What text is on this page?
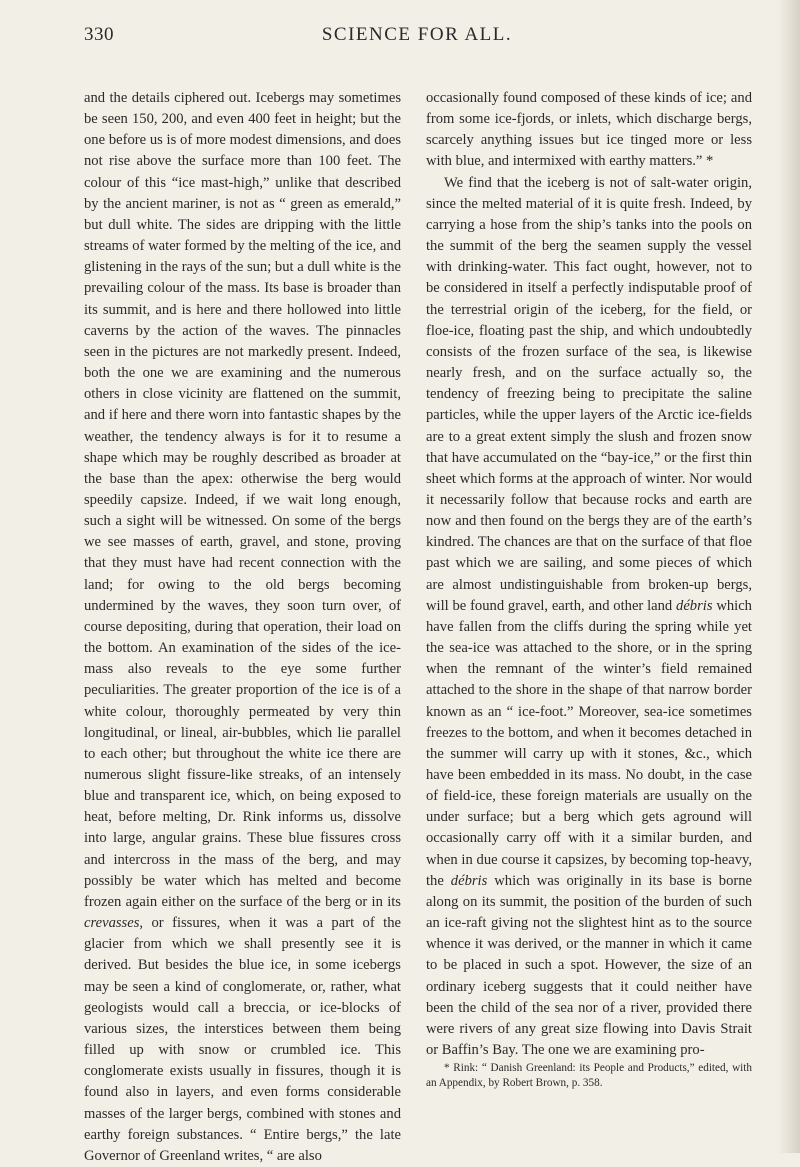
330	SCIENCE FOR ALL.

and the details ciphered out. Icebergs may sometimes be seen 150, 200, and even 400 feet in height; but the one before us is of more modest dimensions, and does not rise above the surface more than 100 feet. The colour of this “ice mast-high,” unlike that described by the ancient mariner, is not as “ green as emerald,” but dull white. The sides are dripping with the little streams of water formed by the melting of the ice, and glistening in the rays of the sun; but a dull white is the prevailing colour of the mass. Its base is broader than its summit, and is here and there hollowed into little caverns by the action of the waves. The pinnacles seen in the pictures are not markedly present. Indeed, both the one we are examining and the numerous others in close vicinity are flattened on the summit, and if here and there worn into fantastic shapes by the weather, the tendency always is for it to resume a shape which may be roughly described as broader at the base than the apex: otherwise the berg would speedily capsize. Indeed, if we wait long enough, such a sight will be witnessed. On some of the bergs we see masses of earth, gravel, and stone, proving that they must have had recent connection with the land; for owing to the old bergs becoming undermined by the waves, they soon turn over, of course depositing, during that operation, their load on the bottom. An examination of the sides of the ice-mass also reveals to the eye some further peculiarities. The greater proportion of the ice is of a white colour, thoroughly permeated by very thin longitudinal, or lineal, air-bubbles, which lie parallel to each other; but throughout the white ice there are numerous slight fissure-like streaks, of an intensely blue and transparent ice, which, on being exposed to heat, before melting, Dr. Rink informs us, dissolve into large, angular grains. These blue fissures cross and intercross in the mass of the berg, and may possibly be water which has melted and become frozen again either on the surface of the berg or in its crevasses, or fissures, when it was a part of the glacier from which we shall presently see it is derived. But besides the blue ice, in some icebergs may be seen a kind of conglomerate, or, rather, what geologists would call a breccia, or ice-blocks of various sizes, the interstices between them being filled up with snow or crumbled ice. This conglomerate exists usually in fissures, though it is found also in layers, and even forms considerable masses of the larger bergs, combined with stones and earthy foreign substances. “ Entire bergs,” the late Governor of Greenland writes, “ are also

occasionally found composed of these kinds of ice; and from some ice-fjords, or inlets, which discharge bergs, scarcely anything issues but ice tinged more or less with blue, and intermixed with earthy matters.” *

We find that the iceberg is not of salt-water origin, since the melted material of it is quite fresh. Indeed, by carrying a hose from the ship’s tanks into the pools on the summit of the berg the seamen supply the vessel with drinking-water. This fact ought, however, not to be considered in itself a perfectly indisputable proof of the terrestrial origin of the iceberg, for the field, or floe-ice, floating past the ship, and which undoubtedly consists of the frozen surface of the sea, is likewise nearly fresh, and on the surface actually so, the tendency of freezing being to precipitate the saline particles, while the upper layers of the Arctic ice-fields are to a great extent simply the slush and frozen snow that have accumulated on the “bay-ice,” or the first thin sheet which forms at the approach of winter. Nor would it necessarily follow that because rocks and earth are now and then found on the bergs they are of the earth’s kindred. The chances are that on the surface of that floe past which we are sailing, and some pieces of which are almost undistinguishable from broken-up bergs, will be found gravel, earth, and other land débris which have fallen from the cliffs during the spring while yet the sea-ice was attached to the shore, or in the spring when the remnant of the winter’s field remained attached to the shore in the shape of that narrow border known as an “ ice-foot.” Moreover, sea-ice sometimes freezes to the bottom, and when it becomes detached in the summer will carry up with it stones, &c., which have been embedded in its mass. No doubt, in the case of field-ice, these foreign materials are usually on the under surface; but a berg which gets aground will occasionally carry off with it a similar burden, and when in due course it capsizes, by becoming top-heavy, the débris which was originally in its base is borne along on its summit, the position of the burden of such an ice-raft giving not the slightest hint as to the source whence it was derived, or the manner in which it came to be placed in such a spot. However, the size of an ordinary iceberg suggests that it could neither have been the child of the sea nor of a river, provided there were rivers of any great size flowing into Davis Strait or Baffin’s Bay. The one we are examining pro-

* Rink: “ Danish Greenland: its People and Products,” edited, with an Appendix, by Robert Brown, p. 358.
